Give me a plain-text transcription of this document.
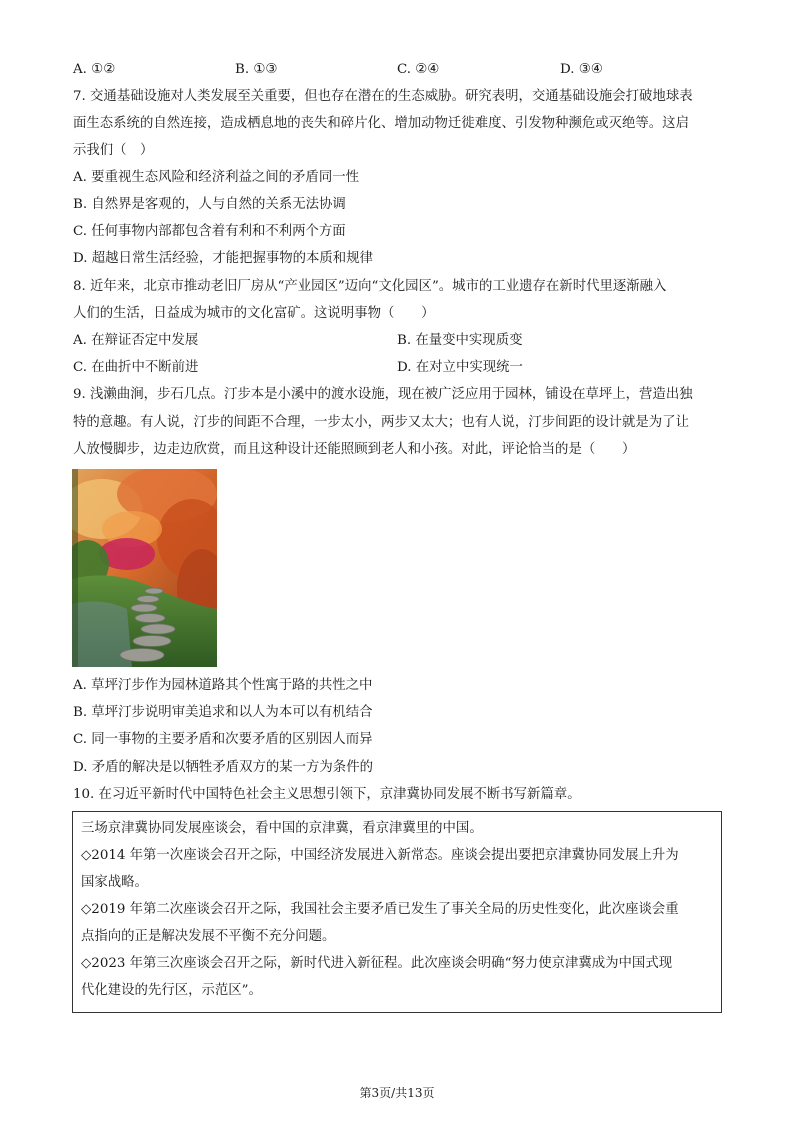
A. ①②	B. ①③	C. ②④	D. ③④
7. 交通基础设施对人类发展至关重要，但也存在潜在的生态威胁。研究表明，交通基础设施会打破地球表
面生态系统的自然连接，造成栖息地的丧失和碎片化、增加动物迁徙难度、引发物种濒危或灭绝等。这启
示我们（　）
A. 要重视生态风险和经济利益之间的矛盾同一性
B. 自然界是客观的，人与自然的关系无法协调
C. 任何事物内部都包含着有利和不利两个方面
D. 超越日常生活经验，才能把握事物的本质和规律
8. 近年来，北京市推动老旧厂房从“产业园区”迈向“文化园区”。城市的工业遗存在新时代里逐渐融入
人们的生活，日益成为城市的文化富矿。这说明事物（　　）
A. 在辩证否定中发展	B. 在量变中实现质变
C. 在曲折中不断前进	D. 在对立中实现统一
9. 浅濑曲涧，步石几点。汀步本是小溪中的渡水设施，现在被广泛应用于园林，铺设在草坪上，营造出独
特的意趣。有人说，汀步的间距不合理，一步太小，两步又太大；也有人说，汀步间距的设计就是为了让
人放慢脚步，边走边欣赏，而且这种设计还能照顾到老人和小孩。对此，评论恰当的是（　　）
A. 草坪汀步作为园林道路其个性寓于路的共性之中
B. 草坪汀步说明审美追求和以人为本可以有机结合
C. 同一事物的主要矛盾和次要矛盾的区别因人而异
D. 矛盾的解决是以牺牲矛盾双方的某一方为条件的
10. 在习近平新时代中国特色社会主义思想引领下，京津冀协同发展不断书写新篇章。
三场京津冀协同发展座谈会，看中国的京津冀，看京津冀里的中国。
◇2014 年第一次座谈会召开之际，中国经济发展进入新常态。座谈会提出要把京津冀协同发展上升为
国家战略。
◇2019 年第二次座谈会召开之际，我国社会主要矛盾已发生了事关全局的历史性变化，此次座谈会重
点指向的正是解决发展不平衡不充分问题。
◇2023 年第三次座谈会召开之际，新时代进入新征程。此次座谈会明确“努力使京津冀成为中国式现
代化建设的先行区，示范区”。
第3页/共13页
